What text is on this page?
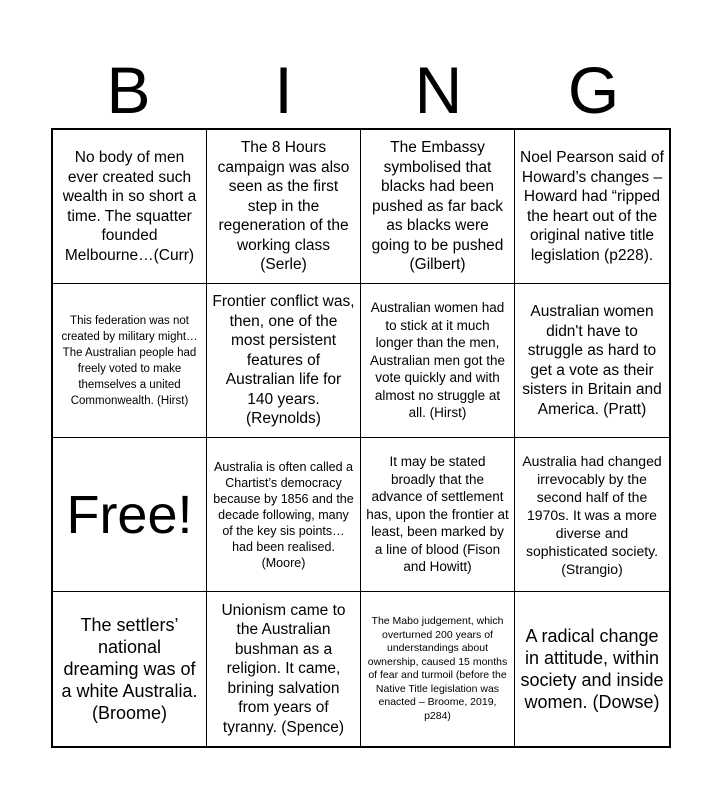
B	I	N	G
No body of men ever created such wealth in so short a time. The squatter founded Melbourne…(Curr)
The 8 Hours campaign was also seen as the first step in the regeneration of the working class (Serle)
The Embassy symbolised that blacks had been pushed as far back as blacks were going to be pushed (Gilbert)
Noel Pearson said of Howard’s changes – Howard had “ripped the heart out of the original native title legislation (p228).
This federation was not created by military might…The Australian people had freely voted to make themselves a united Commonwealth. (Hirst)
Frontier conflict was, then, one of the most persistent features of Australian life for 140 years. (Reynolds)
Australian women had to stick at it much longer than the men, Australian men got the vote quickly and with almost no struggle at all. (Hirst)
Australian women didn't have to struggle as hard to get a vote as their sisters in Britain and America. (Pratt)
Free!
Australia is often called a Chartist’s democracy because by 1856 and the decade following, many of the key sis points…had been realised. (Moore)
It may be stated broadly that the advance of settlement has, upon the frontier at least, been marked by a line of blood (Fison and Howitt)
Australia had changed irrevocably by the second half of the 1970s. It was a more diverse and sophisticated society. (Strangio)
The settlers’ national dreaming was of a white Australia. (Broome)
Unionism came to the Australian bushman as a religion. It came, brining salvation from years of tyranny. (Spence)
The Mabo judgement, which overturned 200 years of understandings about ownership, caused 15 months of fear and turmoil (before the Native Title legislation was enacted – Broome, 2019, p284)
A radical change in attitude, within society and inside women. (Dowse)
